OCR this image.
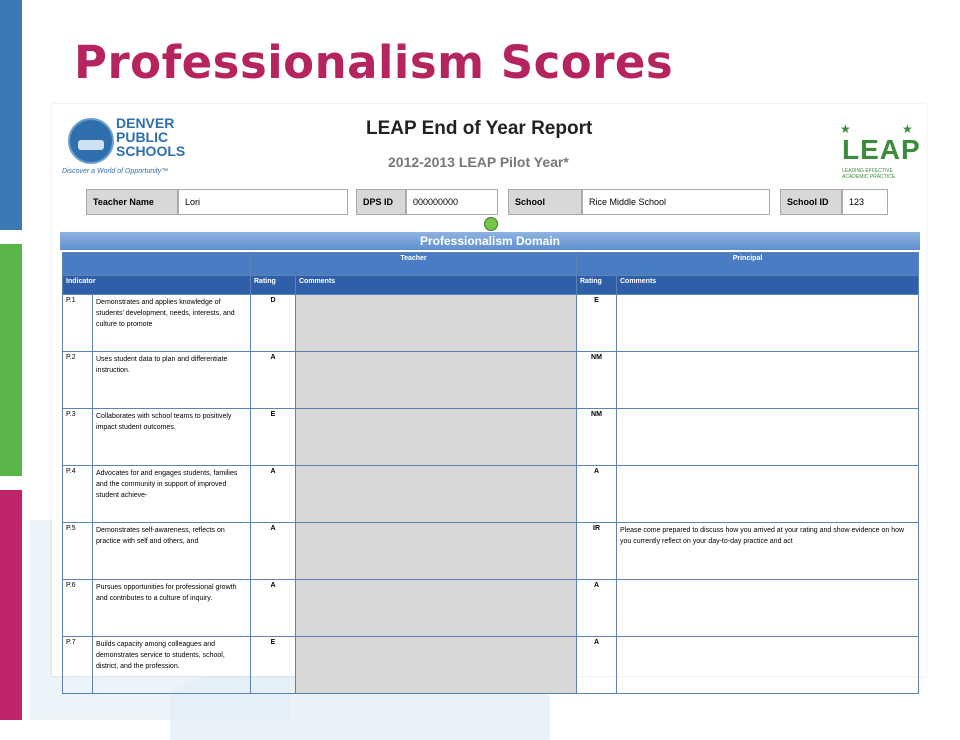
Professionalism Scores
DENVER
PUBLIC
SCHOOLS
Discover a World of Opportunity™
LEAP End of Year Report
2012-2013 LEAP Pilot Year*
★	★
LEAP
LEADING EFFECTIVE ACADEMIC PRACTICE
Teacher Name	Lori	DPS ID	000000000	School	Rice Middle School	School ID	123
Professionalism Domain
		Teacher		Principal	
Indicator		Rating	Comments	Rating	Comments
P.1	Demonstrates and applies knowledge of students' development, needs, interests, and culture to promote	D		E	
P.2	Uses student data to plan and differentiate instruction.	A		NM	
P.3	Collaborates with school teams to positively impact student outcomes.	E		NM	
P.4	Advocates for and engages students, families and the community in support of improved student achieve-	A		A	
P.5	Demonstrates self-awareness, reflects on practice with self and others, and	A		IR	Please come prepared to discuss how you arrived at your rating and show evidence on how you currently reflect on your day-to-day practice and act
P.6	Pursues opportunities for professional growth and contributes to a culture of inquiry.	A		A	
P.7	Builds capacity among colleagues and demonstrates service to students, school, district, and the profession.	E		A	
